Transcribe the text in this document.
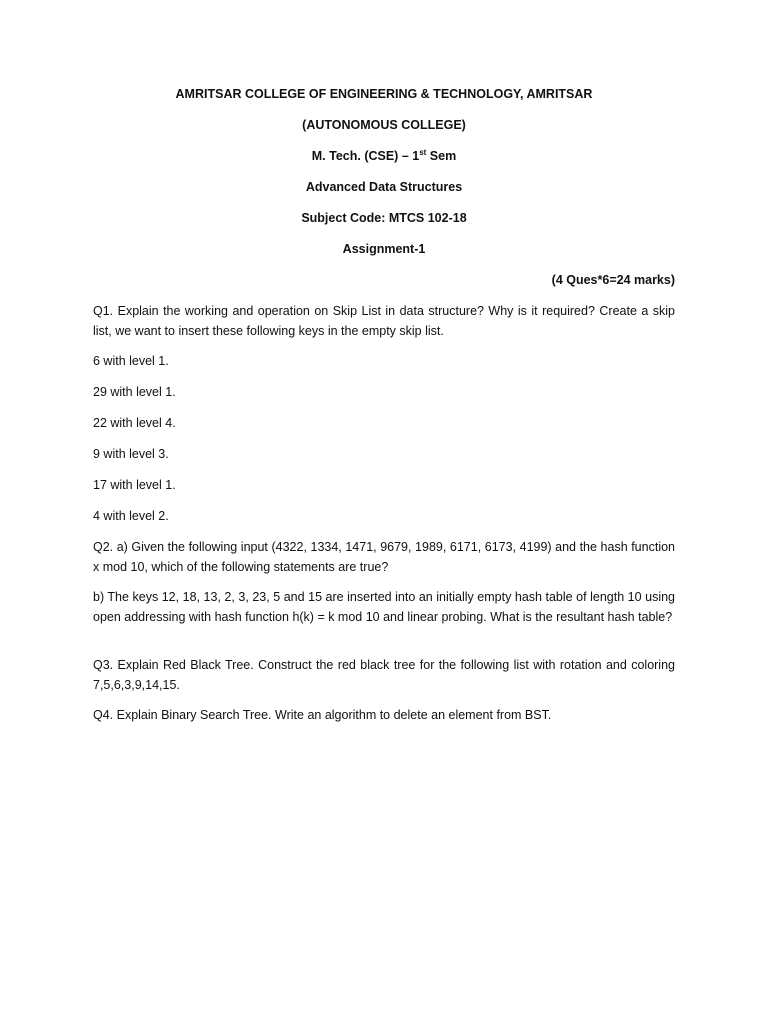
AMRITSAR COLLEGE OF ENGINEERING & TECHNOLOGY, AMRITSAR
(AUTONOMOUS COLLEGE)
M. Tech. (CSE) – 1st Sem
Advanced Data Structures
Subject Code: MTCS 102-18
Assignment-1
(4 Ques*6=24 marks)
Q1. Explain the working and operation on Skip List in data structure? Why is it required? Create a skip list, we want to insert these following keys in the empty skip list.
6 with level 1.
29 with level 1.
22 with level 4.
9 with level 3.
17 with level 1.
4 with level 2.
Q2. a) Given the following input (4322, 1334, 1471, 9679, 1989, 6171, 6173, 4199) and the hash function x mod 10, which of the following statements are true?
b) The keys 12, 18, 13, 2, 3, 23, 5 and 15 are inserted into an initially empty hash table of length 10 using open addressing with hash function h(k) = k mod 10 and linear probing. What is the resultant hash table?
Q3. Explain Red Black Tree. Construct the red black tree for the following list with rotation and coloring 7,5,6,3,9,14,15.
Q4. Explain Binary Search Tree. Write an algorithm to delete an element from BST.
